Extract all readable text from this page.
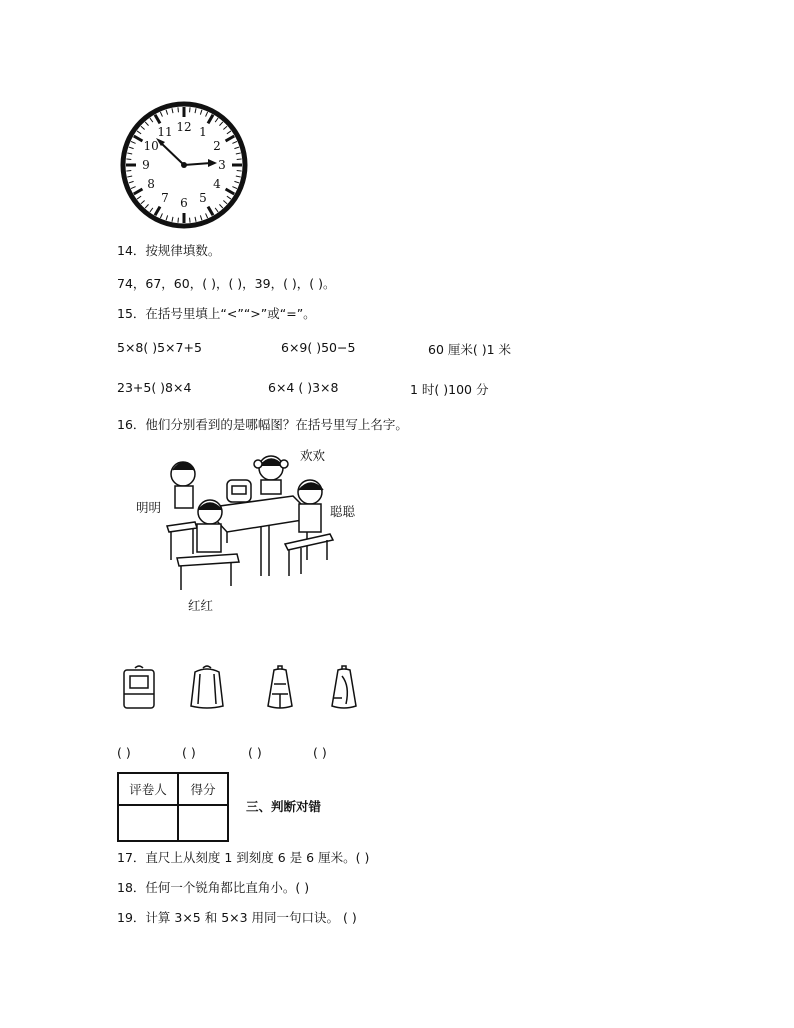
12 1
2
3
4
5
6
7
8
9
10
11
14．按规律填数。
74，67，60，( )，( )，39，( )，( )。
15．在括号里填上“<”“>”或“=”。
5×8( )5×7+5	6×9( )50−5	60 厘米( )1 米
23+5( )8×4	6×4 ( )3×8	1 时( )100 分
16．他们分别看到的是哪幅图？在括号里写上名字。
欢欢
明明	聪聪
红红
( )	( )	( )	( )
评卷人	得分

三、判断对错
17．直尺上从刻度 1 到刻度 6 是 6 厘米。( )
18．任何一个锐角都比直角小。( )
19．计算 3×5 和 5×3 用同一句口诀。 ( )
